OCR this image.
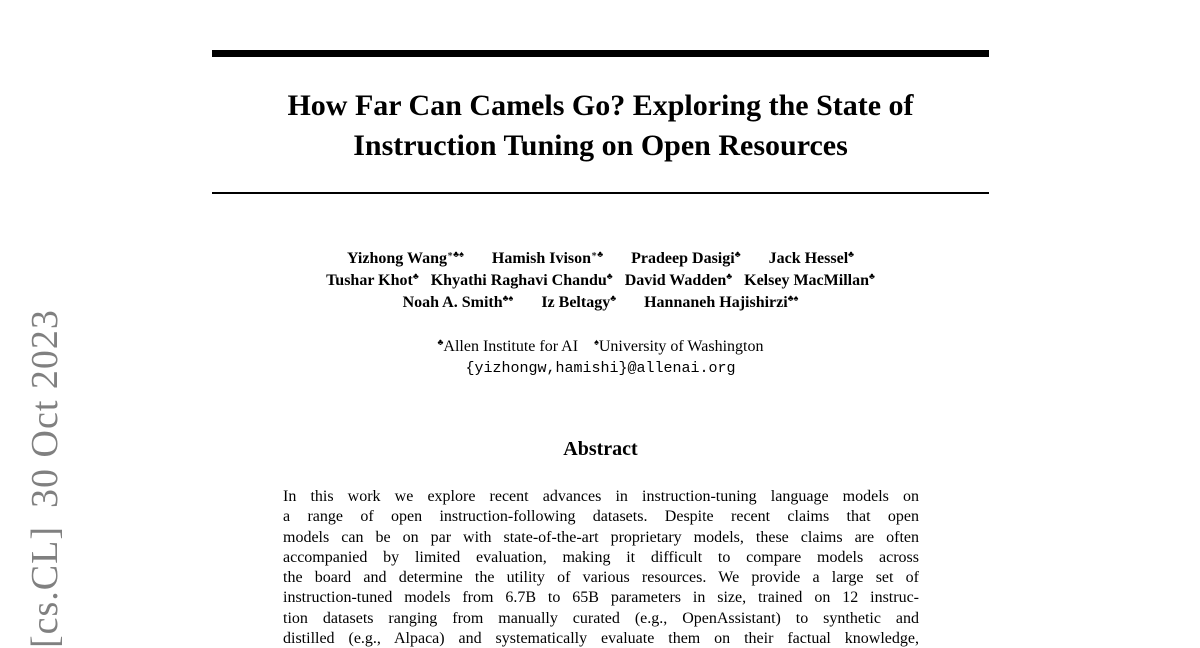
[cs.CL]30 Oct 2023
How Far Can Camels Go? Exploring the State of
Instruction Tuning on Open Resources
Yizhong Wang∗♣♠ Hamish Ivison∗♣ Pradeep Dasigi♣ Jack Hessel♣
Tushar Khot♣ Khyathi Raghavi Chandu♣ David Wadden♣ Kelsey MacMillan♣
Noah A. Smith♣♠ Iz Beltagy♣ Hannaneh Hajishirzi♣♠
♣Allen Institute for AI ♠University of Washington
{yizhongw,hamishi}@allenai.org
Abstract
In this work we explore recent advances in instruction-tuning language models on
a range of open instruction-following datasets. Despite recent claims that open
models can be on par with state-of-the-art proprietary models, these claims are often
accompanied by limited evaluation, making it difficult to compare models across
the board and determine the utility of various resources. We provide a large set of
instruction-tuned models from 6.7B to 65B parameters in size, trained on 12 instruc-
tion datasets ranging from manually curated (e.g., OpenAssistant) to synthetic and
distilled (e.g., Alpaca) and systematically evaluate them on their factual knowledge,
